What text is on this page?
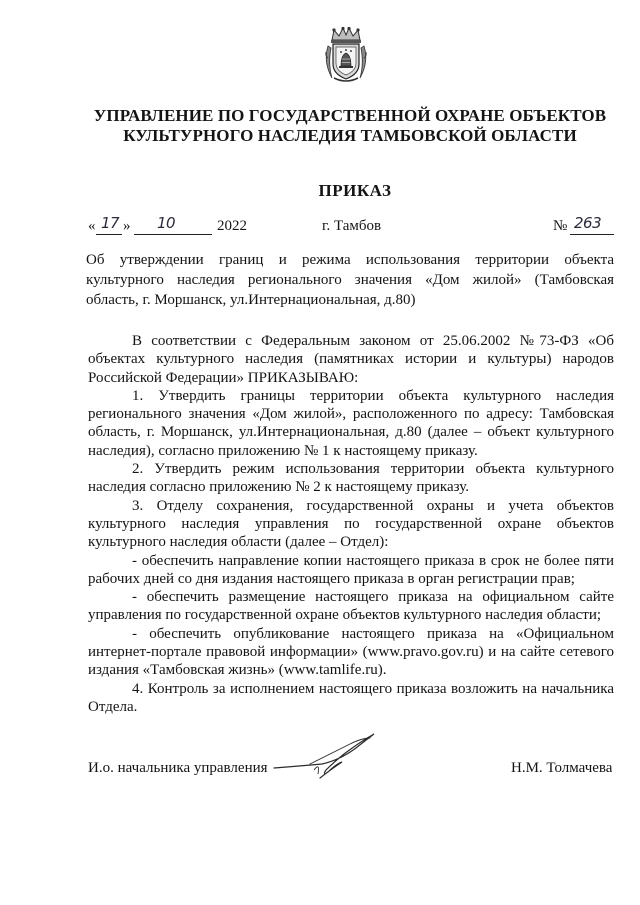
УПРАВЛЕНИЕ ПО ГОСУДАРСТВЕННОЙ ОХРАНЕ ОБЪЕКТОВ
КУЛЬТУРНОГО НАСЛЕДИЯ ТАМБОВСКОЙ ОБЛАСТИ
ПРИКАЗ
« 17 » 10	2022	г. Тамбов	№ 263
Об утверждении границ и режима использования территории объекта культурного наследия регионального значения «Дом жилой» (Тамбовская область, г. Моршанск, ул.Интернациональная, д.80)

В соответствии с Федеральным законом от 25.06.2002 №73-ФЗ «Об объектах культурного наследия (памятниках истории и культуры) народов Российской Федерации» ПРИКАЗЫВАЮ:

1. Утвердить границы территории объекта культурного наследия регионального значения «Дом жилой», расположенного по адресу: Тамбовская область, г. Моршанск, ул.Интернациональная, д.80 (далее – объект культурного наследия), согласно приложению № 1 к настоящему приказу.

2. Утвердить режим использования территории объекта культурного наследия согласно приложению № 2 к настоящему приказу.

3. Отделу сохранения, государственной охраны и учета объектов культурного наследия управления по государственной охране объектов культурного наследия области (далее – Отдел):

- обеспечить направление копии настоящего приказа в срок не более пяти рабочих дней со дня издания настоящего приказа в орган регистрации прав;

- обеспечить размещение настоящего приказа на официальном сайте управления по государственной охране объектов культурного наследия области;

- обеспечить опубликование настоящего приказа на «Официальном интернет-портале правовой информации» (www.pravo.gov.ru) и на сайте сетевого издания «Тамбовская жизнь» (www.tamlife.ru).

4. Контроль за исполнением настоящего приказа возложить на начальника Отдела.

И.о. начальника управления	Н.М. Толмачева
